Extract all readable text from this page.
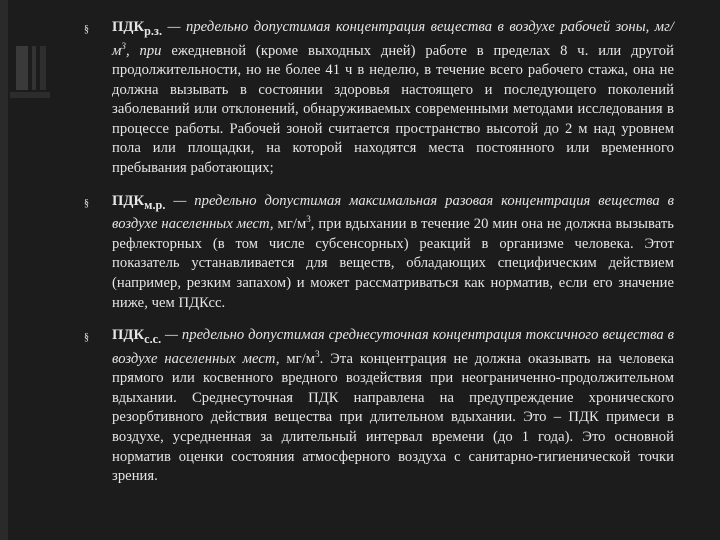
§ $ПДК_{р.з.}$ — предельно допустимая концентрация вещества в воздухе рабочей зоны, $мг/м^3$, при ежедневной (кроме выходных дней) работе в пределах 8 ч. или другой продолжительности, но не более 41 ч в неделю, в течение всего рабочего стажа, она не должна вызывать в состоянии здоровья настоящего и последующего поколений заболеваний или отклонений, обнаруживаемых современными методами исследования в процессе работы. Рабочей зоной считается пространство высотой до 2 м над уровнем пола или площадки, на которой находятся места постоянного или временного пребывания работающих;
§ $ПДК_{м.р.}$ — предельно допустимая максимальная разовая концентрация вещества в воздухе населенных мест, $мг/м^3$, при вдыхании в течение 20 мин она не должна вызывать рефлекторных (в том числе субсенсорных) реакций в организме человека. Этот показатель устанавливается для веществ, обладающих специфическим действием (например, резким запахом) и может рассматриваться как норматив, если его значение ниже, чем ПДКсс.
§ $ПДК_{с.с.}$ — предельно допустимая среднесуточная концентрация токсичного вещества в воздухе населенных мест, $мг/м^3$. Эта концентрация не должна оказывать на человека прямого или косвенного вредного воздействия при неограниченно-продолжительном вдыхании. Среднесуточная ПДК направлена на предупреждение хронического резорбтивного действия вещества при длительном вдыхании. Это – ПДК примеси в воздухе, усредненная за длительный интервал времени (до 1 года). Это основной норматив оценки состояния атмосферного воздуха с санитарно-гигиенической точки зрения.
